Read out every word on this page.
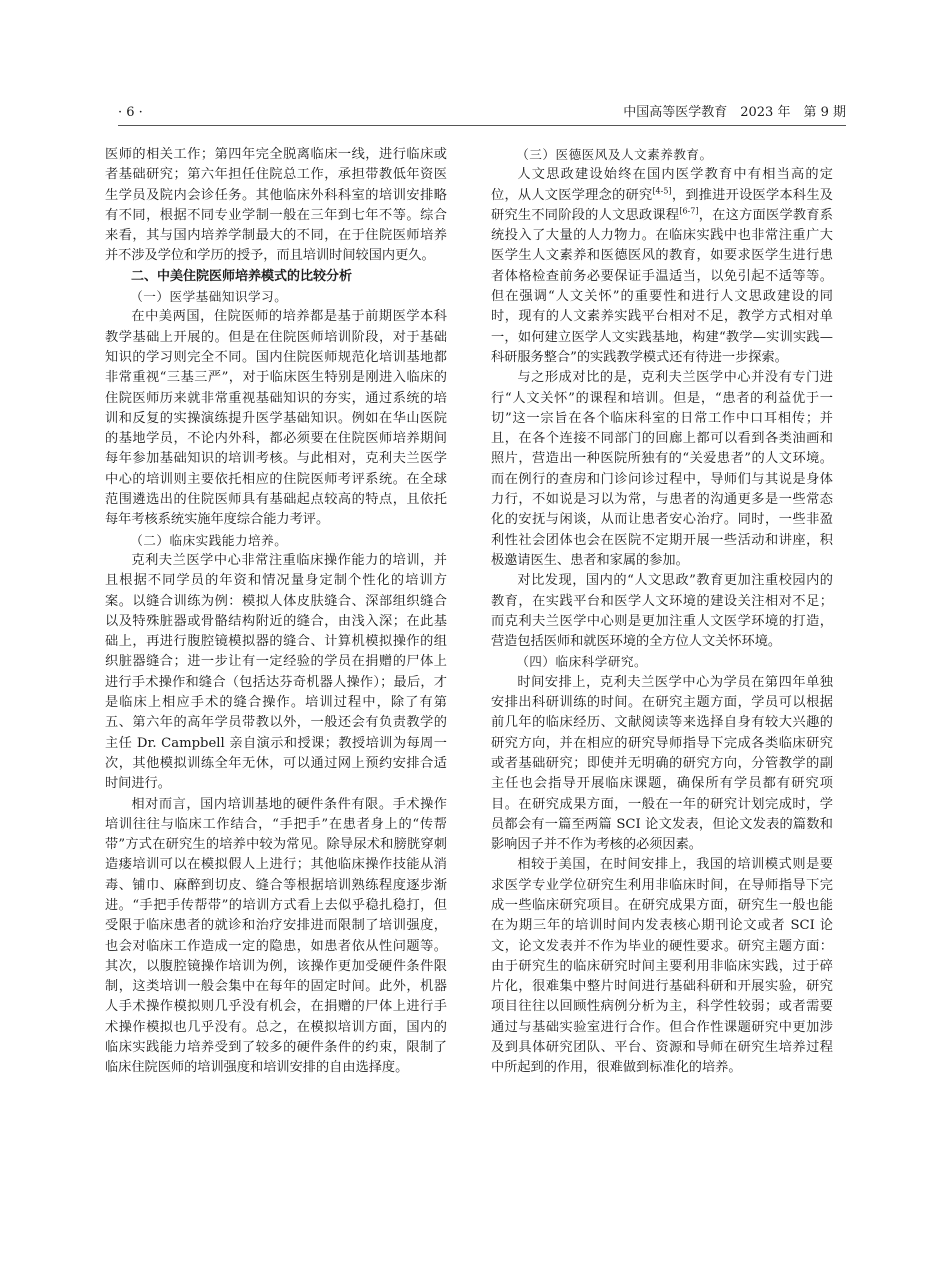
· 6 ·	中国高等医学教育　2023 年　第 9 期

医师的相关工作；第四年完全脱离临床一线，进行临床或者基础研究；第六年担任住院总工作，承担带教低年资医生学员及院内会诊任务。其他临床外科科室的培训安排略有不同，根据不同专业学制一般在三年到七年不等。综合来看，其与国内培养学制最大的不同，在于住院医师培养并不涉及学位和学历的授予，而且培训时间较国内更久。

二、中美住院医师培养模式的比较分析

（一）医学基础知识学习。

在中美两国，住院医师的培养都是基于前期医学本科教学基础上开展的。但是在住院医师培训阶段，对于基础知识的学习则完全不同。国内住院医师规范化培训基地都非常重视“三基三严”，对于临床医生特别是刚进入临床的住院医师历来就非常重视基础知识的夯实，通过系统的培训和反复的实操演练提升医学基础知识。例如在华山医院的基地学员，不论内外科，都必须要在住院医师培养期间每年参加基础知识的培训考核。与此相对，克利夫兰医学中心的培训则主要依托相应的住院医师考评系统。在全球范围遴选出的住院医师具有基础起点较高的特点，且依托每年考核系统实施年度综合能力考评。

（二）临床实践能力培养。

克利夫兰医学中心非常注重临床操作能力的培训，并且根据不同学员的年资和情况量身定制个性化的培训方案。以缝合训练为例：模拟人体皮肤缝合、深部组织缝合以及特殊脏器或骨骼结构附近的缝合，由浅入深；在此基础上，再进行腹腔镜模拟器的缝合、计算机模拟操作的组织脏器缝合；进一步让有一定经验的学员在捐赠的尸体上进行手术操作和缝合（包括达芬奇机器人操作）；最后，才是临床上相应手术的缝合操作。培训过程中，除了有第五、第六年的高年学员带教以外，一般还会有负责教学的主任 Dr. Campbell 亲自演示和授课；教授培训为每周一次，其他模拟训练全年无休，可以通过网上预约安排合适时间进行。

相对而言，国内培训基地的硬件条件有限。手术操作培训往往与临床工作结合，“手把手”在患者身上的“传帮带”方式在研究生的培养中较为常见。除导尿术和膀胱穿刺造瘘培训可以在模拟假人上进行；其他临床操作技能从消毒、铺巾、麻醉到切皮、缝合等根据培训熟练程度逐步渐进。“手把手传帮带”的培训方式看上去似乎稳扎稳打，但受限于临床患者的就诊和治疗安排进而限制了培训强度，也会对临床工作造成一定的隐患，如患者依从性问题等。其次，以腹腔镜操作培训为例，该操作更加受硬件条件限制，这类培训一般会集中在每年的固定时间。此外，机器人手术操作模拟则几乎没有机会，在捐赠的尸体上进行手术操作模拟也几乎没有。总之，在模拟培训方面，国内的临床实践能力培养受到了较多的硬件条件的约束，限制了临床住院医师的培训强度和培训安排的自由选择度。

（三）医德医风及人文素养教育。

人文思政建设始终在国内医学教育中有相当高的定位，从人文医学理念的研究[4-5]，到推进开设医学本科生及研究生不同阶段的人文思政课程[6-7]，在这方面医学教育系统投入了大量的人力物力。在临床实践中也非常注重广大医学生人文素养和医德医风的教育，如要求医学生进行患者体格检查前务必要保证手温适当，以免引起不适等等。但在强调“人文关怀”的重要性和进行人文思政建设的同时，现有的人文素养实践平台相对不足，教学方式相对单一，如何建立医学人文实践基地，构建“教学—实训实践—科研服务整合”的实践教学模式还有待进一步探索。

与之形成对比的是，克利夫兰医学中心并没有专门进行“人文关怀”的课程和培训。但是，“患者的利益优于一切”这一宗旨在各个临床科室的日常工作中口耳相传；并且，在各个连接不同部门的回廊上都可以看到各类油画和照片，营造出一种医院所独有的“关爱患者”的人文环境。而在例行的查房和门诊问诊过程中，导师们与其说是身体力行，不如说是习以为常，与患者的沟通更多是一些常态化的安抚与闲谈，从而让患者安心治疗。同时，一些非盈利性社会团体也会在医院不定期开展一些活动和讲座，积极邀请医生、患者和家属的参加。

对比发现，国内的“人文思政”教育更加注重校园内的教育，在实践平台和医学人文环境的建设关注相对不足；而克利夫兰医学中心则是更加注重人文医学环境的打造，营造包括医师和就医环境的全方位人文关怀环境。

（四）临床科学研究。

时间安排上，克利夫兰医学中心为学员在第四年单独安排出科研训练的时间。在研究主题方面，学员可以根据前几年的临床经历、文献阅读等来选择自身有较大兴趣的研究方向，并在相应的研究导师指导下完成各类临床研究或者基础研究；即使并无明确的研究方向，分管教学的副主任也会指导开展临床课题，确保所有学员都有研究项目。在研究成果方面，一般在一年的研究计划完成时，学员都会有一篇至两篇 SCI 论文发表，但论文发表的篇数和影响因子并不作为考核的必须因素。

相较于美国，在时间安排上，我国的培训模式则是要求医学专业学位研究生利用非临床时间，在导师指导下完成一些临床研究项目。在研究成果方面，研究生一般也能在为期三年的培训时间内发表核心期刊论文或者 SCI 论文，论文发表并不作为毕业的硬性要求。研究主题方面：由于研究生的临床研究时间主要利用非临床实践，过于碎片化，很难集中整片时间进行基础科研和开展实验，研究项目往往以回顾性病例分析为主，科学性较弱；或者需要通过与基础实验室进行合作。但合作性课题研究中更加涉及到具体研究团队、平台、资源和导师在研究生培养过程中所起到的作用，很难做到标准化的培养。
